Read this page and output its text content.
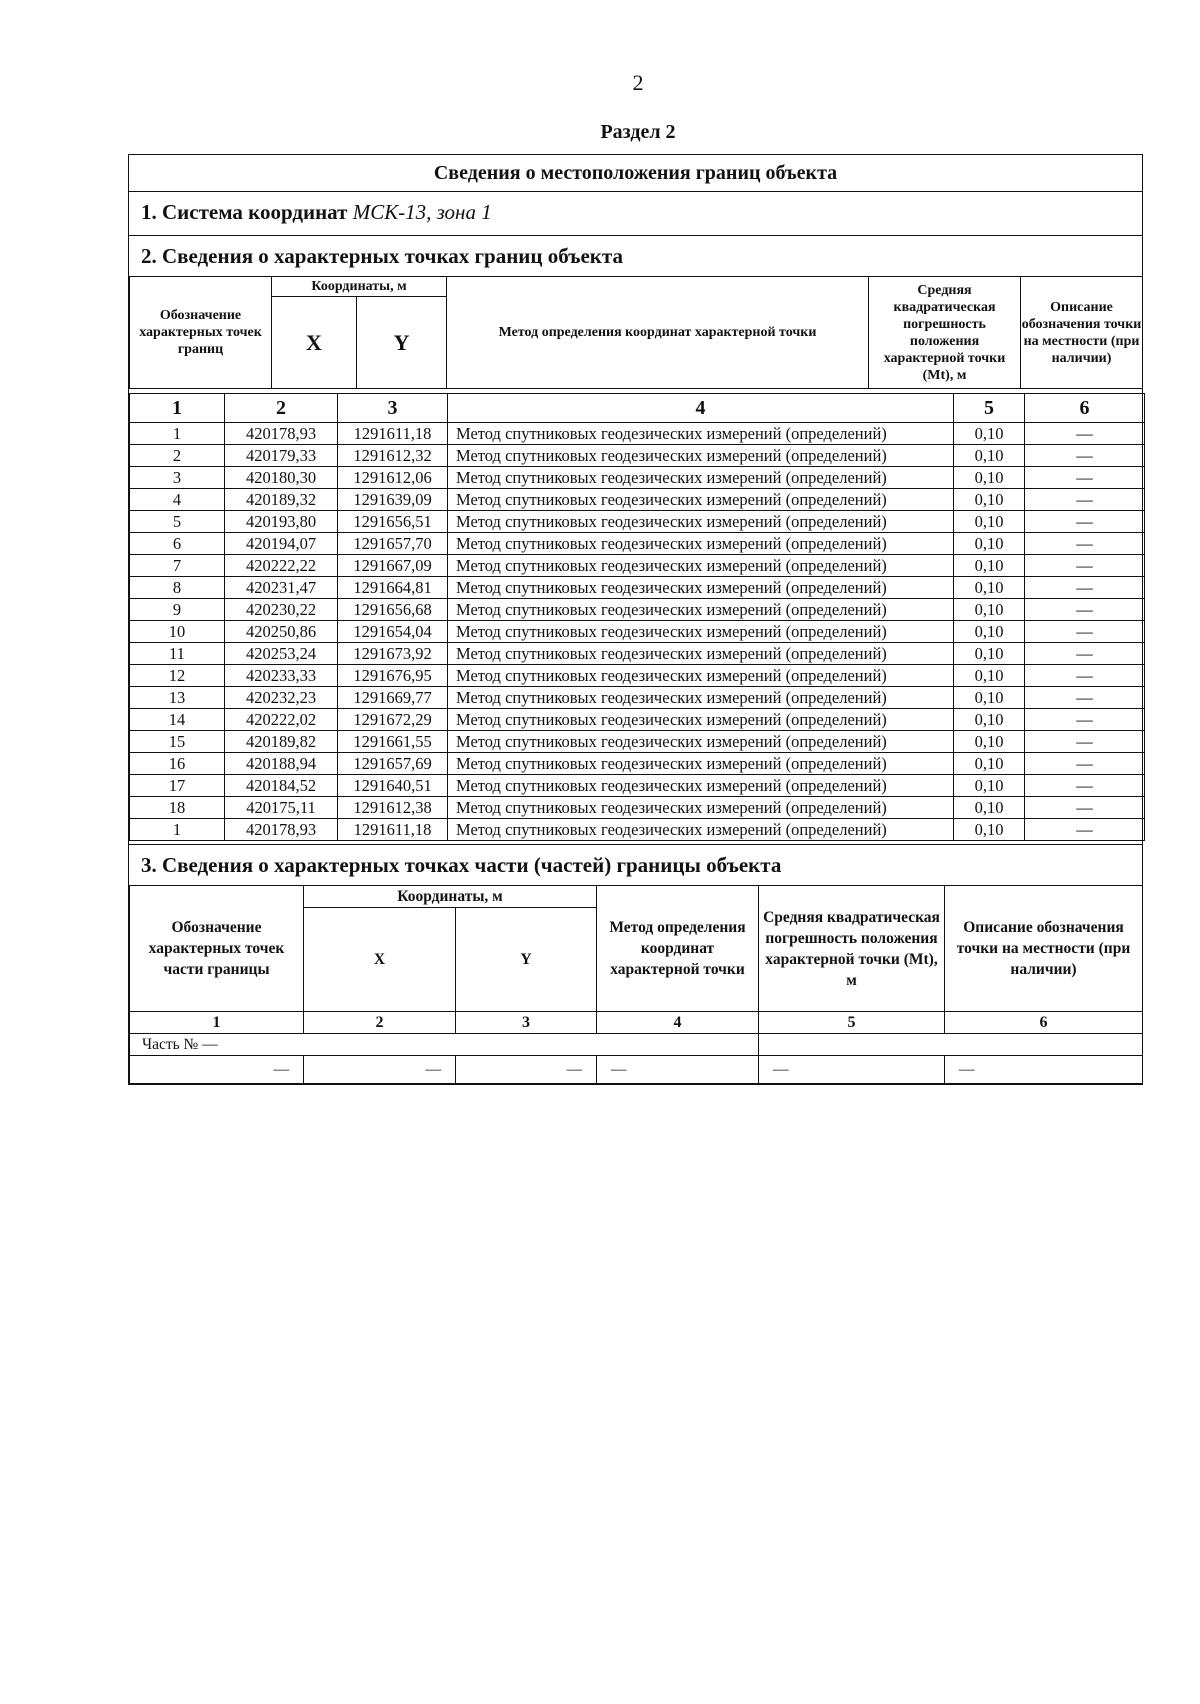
2
Раздел 2
Сведения о местоположения границ объекта
1. Система координат МСК-13, зона 1
2. Сведения о характерных точках границ объекта
Обозначение характерных точек границ	Координаты, м		Метод определения координат характерной точки	Средняя квадратическая погрешность положения характерной точки (Mt), м	Описание обозначения точки на местности (при наличии)
	X	Y			
1	2	3	4	5	6
1	420178,93	1291611,18	Метод спутниковых геодезических измерений (определений)	0,10	—
2	420179,33	1291612,32	Метод спутниковых геодезических измерений (определений)	0,10	—
3	420180,30	1291612,06	Метод спутниковых геодезических измерений (определений)	0,10	—
4	420189,32	1291639,09	Метод спутниковых геодезических измерений (определений)	0,10	—
5	420193,80	1291656,51	Метод спутниковых геодезических измерений (определений)	0,10	—
6	420194,07	1291657,70	Метод спутниковых геодезических измерений (определений)	0,10	—
7	420222,22	1291667,09	Метод спутниковых геодезических измерений (определений)	0,10	—
8	420231,47	1291664,81	Метод спутниковых геодезических измерений (определений)	0,10	—
9	420230,22	1291656,68	Метод спутниковых геодезических измерений (определений)	0,10	—
10	420250,86	1291654,04	Метод спутниковых геодезических измерений (определений)	0,10	—
11	420253,24	1291673,92	Метод спутниковых геодезических измерений (определений)	0,10	—
12	420233,33	1291676,95	Метод спутниковых геодезических измерений (определений)	0,10	—
13	420232,23	1291669,77	Метод спутниковых геодезических измерений (определений)	0,10	—
14	420222,02	1291672,29	Метод спутниковых геодезических измерений (определений)	0,10	—
15	420189,82	1291661,55	Метод спутниковых геодезических измерений (определений)	0,10	—
16	420188,94	1291657,69	Метод спутниковых геодезических измерений (определений)	0,10	—
17	420184,52	1291640,51	Метод спутниковых геодезических измерений (определений)	0,10	—
18	420175,11	1291612,38	Метод спутниковых геодезических измерений (определений)	0,10	—
1	420178,93	1291611,18	Метод спутниковых геодезических измерений (определений)	0,10	—
3. Сведения о характерных точках части (частей) границы объекта
Обозначение характерных точек части границы	Координаты, м		Метод определения координат характерной точки	Средняя квадратическая погрешность положения характерной точки (Mt), м	Описание обозначения точки на местности (при наличии)
	X	Y			
1	2	3	4	5	6
Часть № —					
—	—	—	—	—	—
